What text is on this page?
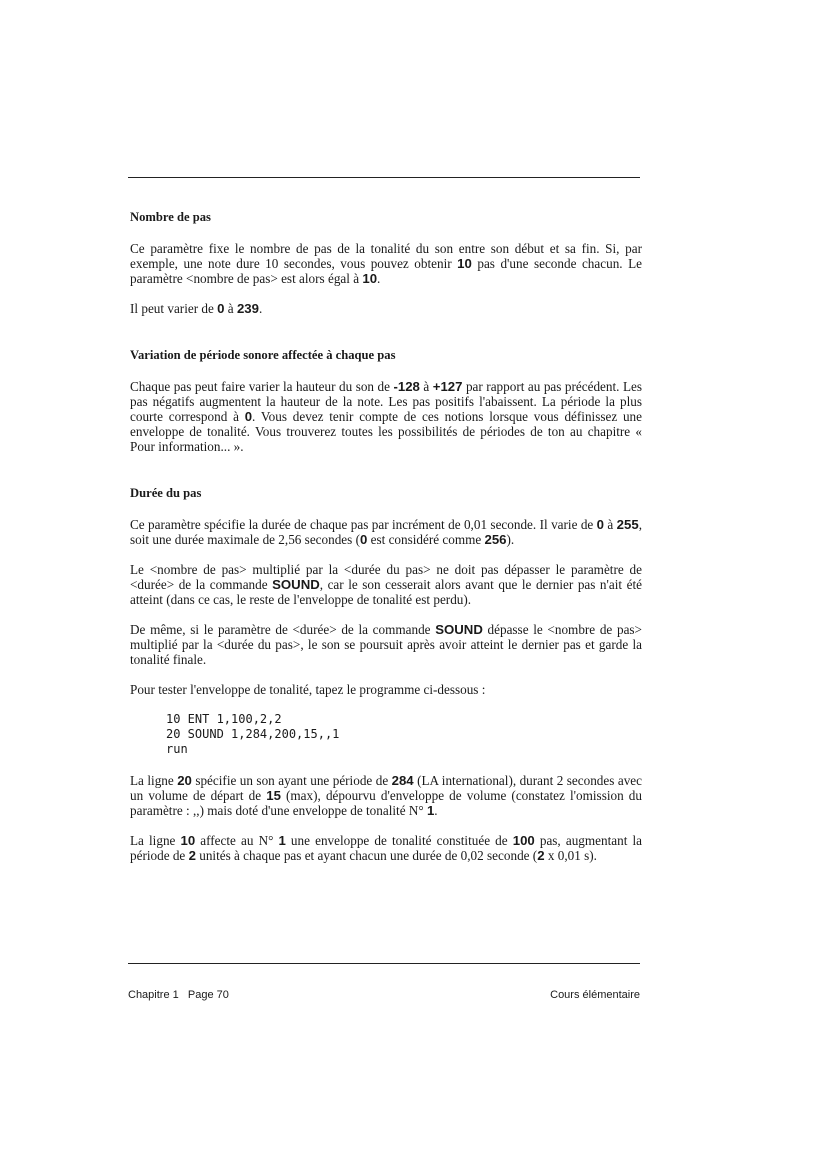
Nombre de pas

Ce paramètre fixe le nombre de pas de la tonalité du son entre son début et sa fin. Si, par exemple, une note dure 10 secondes, vous pouvez obtenir 10 pas d'une seconde chacun. Le paramètre <nombre de pas> est alors égal à 10.

Il peut varier de 0 à 239.

Variation de période sonore affectée à chaque pas

Chaque pas peut faire varier la hauteur du son de -128 à +127 par rapport au pas précédent. Les pas négatifs augmentent la hauteur de la note. Les pas positifs l'abaissent. La période la plus courte correspond à 0. Vous devez tenir compte de ces notions lorsque vous définissez une enveloppe de tonalité. Vous trouverez toutes les possibilités de périodes de ton au chapitre « Pour information... ».

Durée du pas

Ce paramètre spécifie la durée de chaque pas par incrément de 0,01 seconde. Il varie de 0 à 255, soit une durée maximale de 2,56 secondes (0 est considéré comme 256).

Le <nombre de pas> multiplié par la <durée du pas> ne doit pas dépasser le paramètre de <durée> de la commande SOUND, car le son cesserait alors avant que le dernier pas n'ait été atteint (dans ce cas, le reste de l'enveloppe de tonalité est perdu).

De même, si le paramètre de <durée> de la commande SOUND dépasse le <nombre de pas> multiplié par la <durée du pas>, le son se poursuit après avoir atteint le dernier pas et garde la tonalité finale.

Pour tester l'enveloppe de tonalité, tapez le programme ci-dessous :

10 ENT 1,100,2,2
20 SOUND 1,284,200,15,,1
run

La ligne 20 spécifie un son ayant une période de 284 (LA international), durant 2 secondes avec un volume de départ de 15 (max), dépourvu d'enveloppe de volume (constatez l'omission du paramètre : ,,) mais doté d'une enveloppe de tonalité N° 1.

La ligne 10 affecte au N° 1 une enveloppe de tonalité constituée de 100 pas, augmentant la période de 2 unités à chaque pas et ayant chacun une durée de 0,02 seconde (2 x 0,01 s).

Chapitre 1   Page 70	Cours élémentaire
